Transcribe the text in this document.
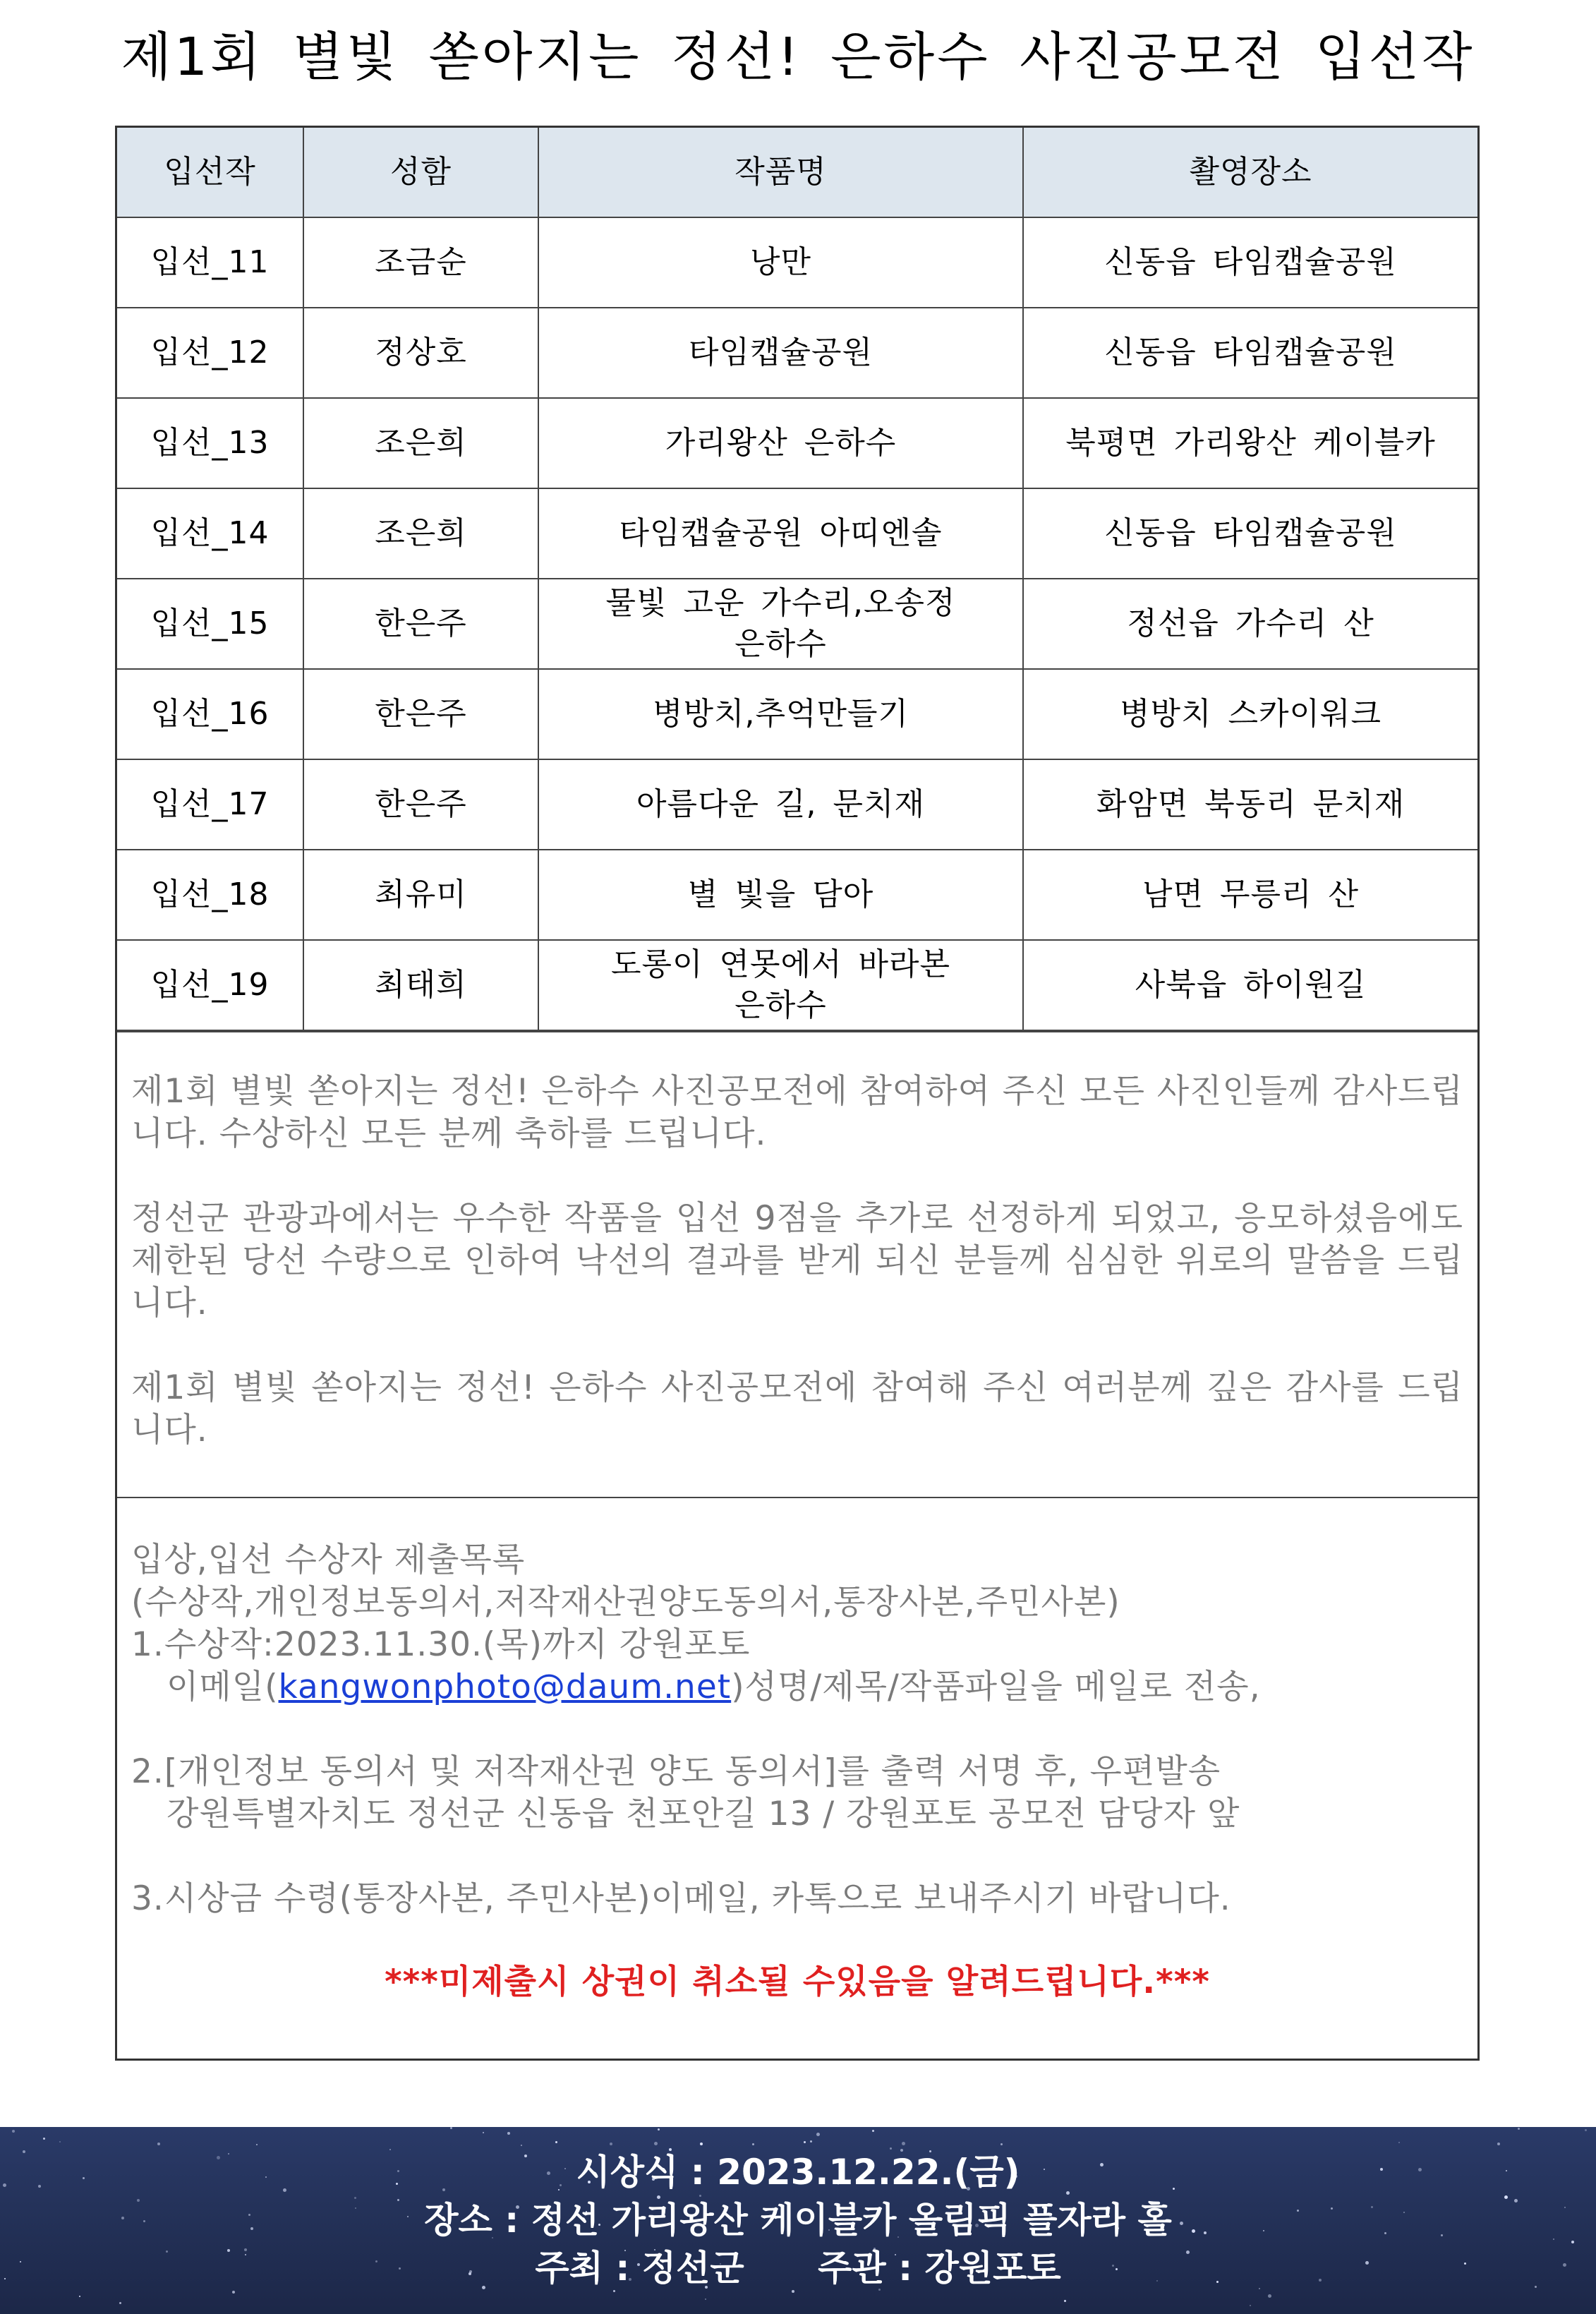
제1회 별빛 쏟아지는 정선! 은하수 사진공모전 입선작
입선작	성함	작품명	촬영장소
입선_11	조금순	낭만	신동읍 타임캡슐공원
입선_12	정상호	타임캡슐공원	신동읍 타임캡슐공원
입선_13	조은희	가리왕산 은하수	북평면 가리왕산 케이블카
입선_14	조은희	타임캡슐공원 아띠엔솔	신동읍 타임캡슐공원
입선_15	한은주	물빛 고운 가수리,오송정 은하수	정선읍 가수리 산
입선_16	한은주	병방치,추억만들기	병방치 스카이워크
입선_17	한은주	아름다운 길, 문치재	화암면 북동리 문치재
입선_18	최유미	별 빛을 담아	남면 무릉리 산
입선_19	최태희	도롱이 연못에서 바라본 은하수	사북읍 하이원길

제1회 별빛 쏟아지는 정선! 은하수 사진공모전에 참여하여 주신 모든 사진인들께 감사드립니다. 수상하신 모든 분께 축하를 드립니다.

정선군 관광과에서는 우수한 작품을 입선 9점을 추가로 선정하게 되었고, 응모하셨음에도 제한된 당선 수량으로 인하여 낙선의 결과를 받게 되신 분들께 심심한 위로의 말씀을 드립니다.

제1회 별빛 쏟아지는 정선! 은하수 사진공모전에 참여해 주신 여러분께 깊은 감사를 드립니다.

입상,입선 수상자 제출목록

(수상작,개인정보동의서,저작재산권양도동의서,통장사본,주민사본)

1.수상작:2023.11.30.(목)까지 강원포토

이메일(kangwonphoto@daum.net)성명/제목/작품파일을 메일로 전송,

2.[개인정보 동의서 및 저작재산권 양도 동의서]를 출력 서명 후, 우편발송

강원특별자치도 정선군 신동읍 천포안길 13 / 강원포토 공모전 담당자 앞

3.시상금 수령(통장사본, 주민사본)이메일, 카톡으로 보내주시기 바랍니다.

***미제출시 상권이 취소될 수있음을 알려드립니다.***
시상식 : 2023.12.22.(금)
장소 : 정선 가리왕산 케이블카 올림픽 플자라 홀
주최 : 정선군      주관 : 강원포토
